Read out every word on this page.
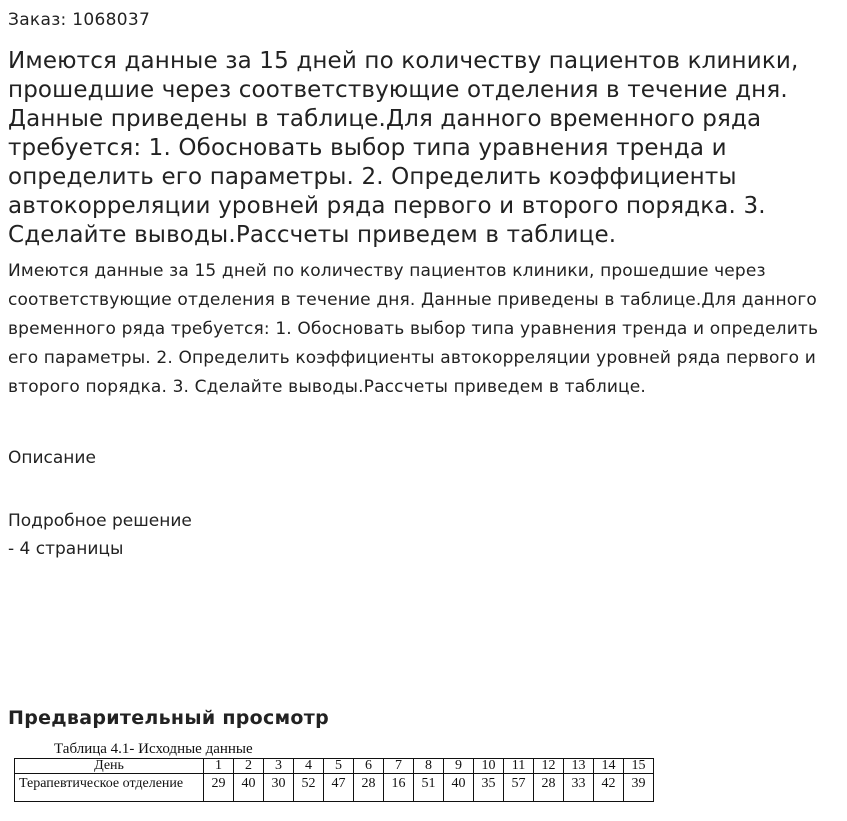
Заказ: 1068037
Имеются данные за 15 дней по количеству пациентов клиники, прошедшие через соответствующие отделения в течение дня. Данные приведены в таблице.Для данного временного ряда требуется: 1. Обосновать выбор типа уравнения тренда и определить его параметры. 2. Определить коэффициенты автокорреляции уровней ряда первого и второго порядка. 3. Сделайте выводы.Рассчеты приведем в таблице.

Имеются данные за 15 дней по количеству пациентов клиники, прошедшие через соответствующие отделения в течение дня. Данные приведены в таблице.Для данного временного ряда требуется: 1. Обосновать выбор типа уравнения тренда и определить его параметры. 2. Определить коэффициенты автокорреляции уровней ряда первого и второго порядка. 3. Сделайте выводы.Рассчеты приведем в таблице.

Описание
Подробное решение
- 4 страницы
Предварительный просмотр
Таблица 4.1- Исходные данные
День	1	2	3	4	5	6	7	8	9	10	11	12	13	14	15
Терапевтическое отделение	29	40	30	52	47	28	16	51	40	35	57	28	33	42	39
